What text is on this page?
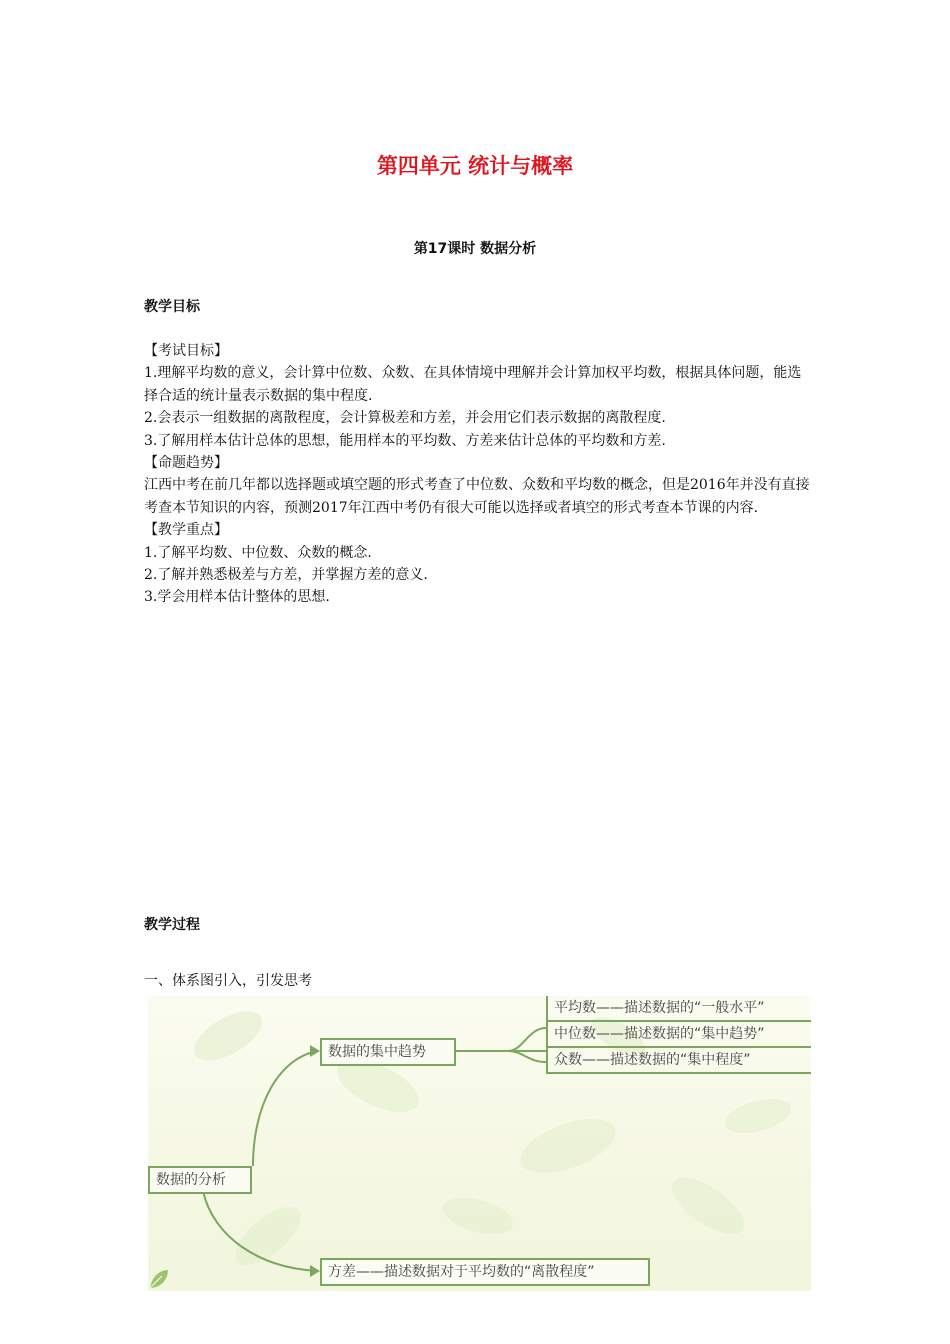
第四单元 统计与概率
第17课时 数据分析
教学目标

【考试目标】

1.理解平均数的意义，会计算中位数、众数、在具体情境中理解并会计算加权平均数，根据具体问题，能选择合适的统计量表示数据的集中程度.

2.会表示一组数据的离散程度，会计算极差和方差，并会用它们表示数据的离散程度.

3.了解用样本估计总体的思想，能用样本的平均数、方差来估计总体的平均数和方差.

【命题趋势】

江西中考在前几年都以选择题或填空题的形式考查了中位数、众数和平均数的概念，但是2016年并没有直接考查本节知识的内容，预测2017年江西中考仍有很大可能以选择或者填空的形式考查本节课的内容.

【教学重点】

1.了解平均数、中位数、众数的概念.

2.了解并熟悉极差与方差，并掌握方差的意义.

3.学会用样本估计整体的思想.

教学过程
一、体系图引入，引发思考
数据的分析
数据的集中趋势
平均数——描述数据的“一般水平”
中位数——描述数据的“集中趋势”
众数——描述数据的“集中程度”
方差——描述数据对于平均数的“离散程度”
